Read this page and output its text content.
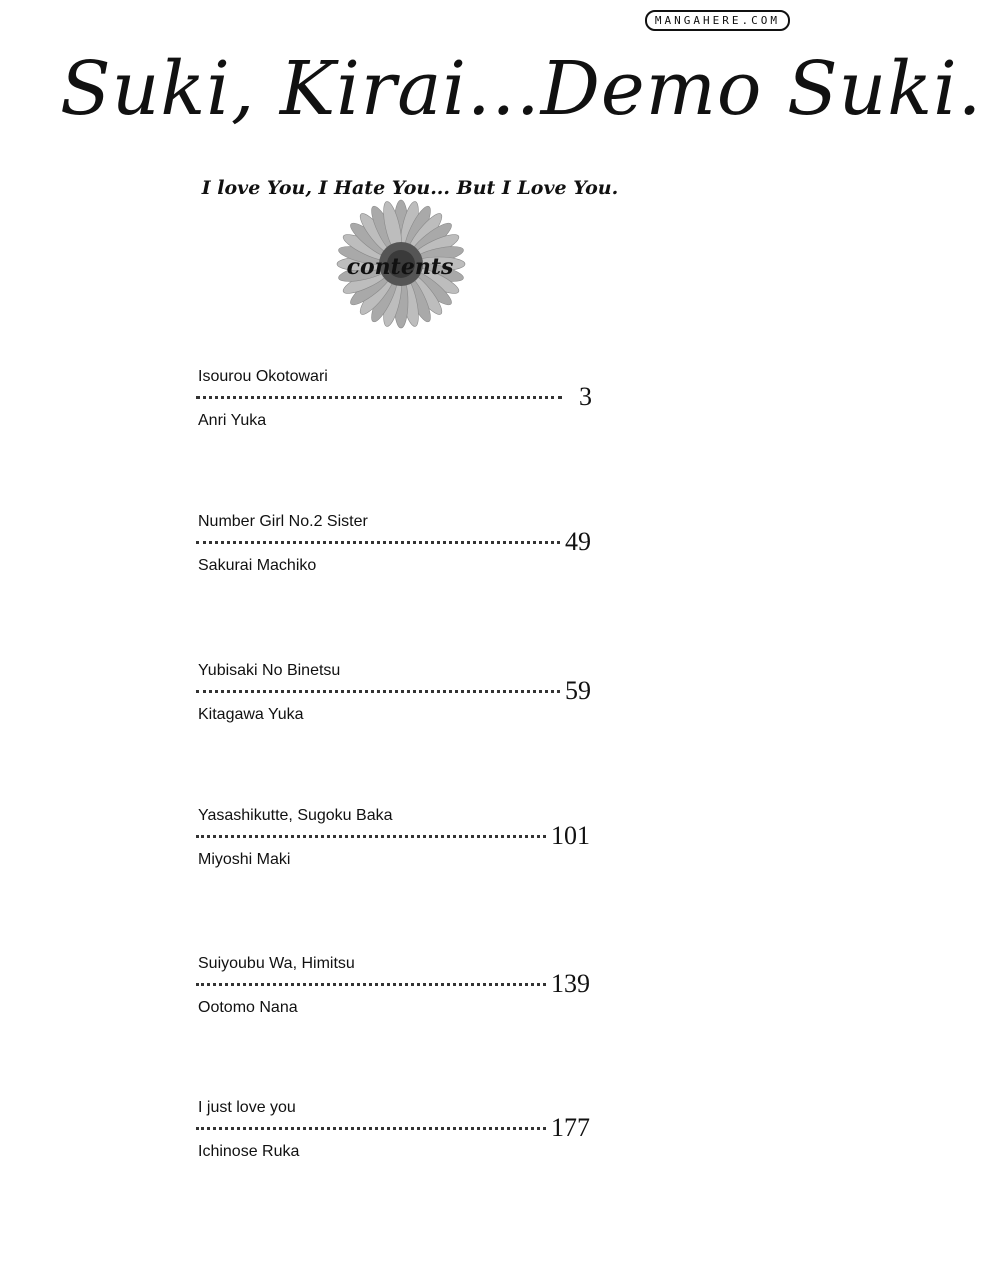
MANGAHERE.COM
Suki, Kirai...Demo Suki.
I love You, I Hate You... But I Love You.
contents
Isourou Okotowari
3
Anri Yuka
Number Girl No.2 Sister
49
Sakurai Machiko
Yubisaki No Binetsu
59
Kitagawa Yuka
Yasashikutte, Sugoku Baka
101
Miyoshi Maki
Suiyoubu Wa, Himitsu
139
Ootomo Nana
I just love you
177
Ichinose Ruka
